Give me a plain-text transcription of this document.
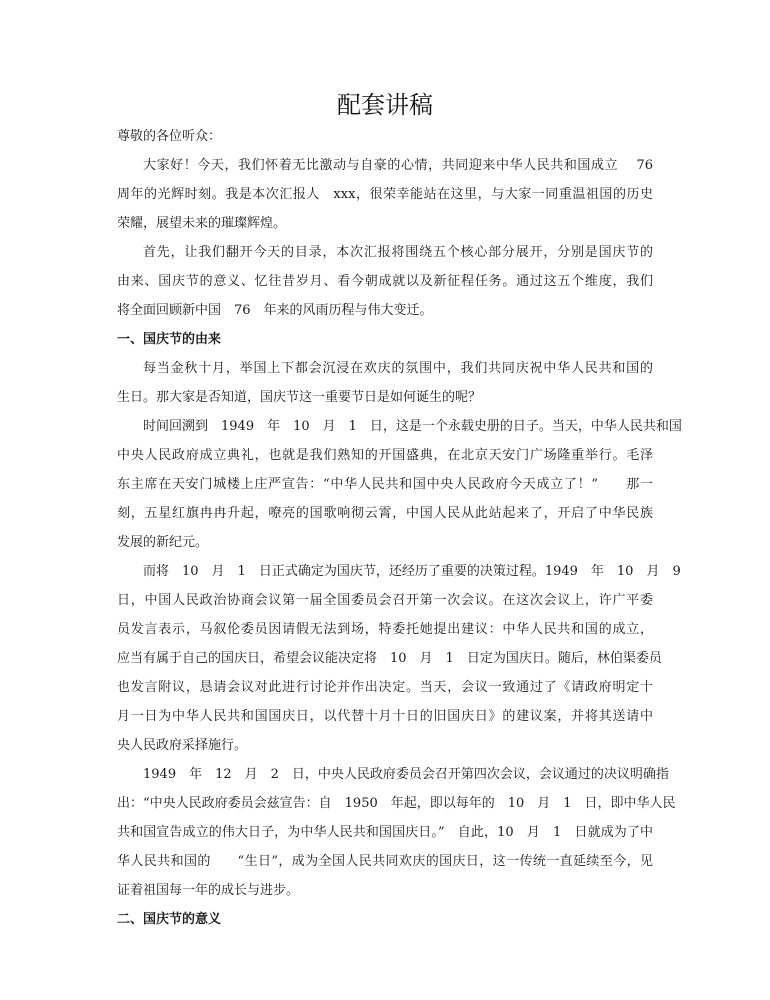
配套讲稿

尊敬的各位听众：

大家好！今天，我们怀着无比激动与自豪的心情，共同迎来中华人民共和国成立　 76
周年的光辉时刻。我是本次汇报人　xxx，很荣幸能站在这里，与大家一同重温祖国的历史
荣耀，展望未来的璀璨辉煌。

首先，让我们翻开今天的目录，本次汇报将围绕五个核心部分展开，分别是国庆节的
由来、国庆节的意义、忆往昔岁月、看今朝成就以及新征程任务。通过这五个维度，我们
将全面回顾新中国　76　年来的风雨历程与伟大变迁。

一、国庆节的由来

每当金秋十月，举国上下都会沉浸在欢庆的氛围中，我们共同庆祝中华人民共和国的
生日。那大家是否知道，国庆节这一重要节日是如何诞生的呢？

时间回溯到　1949　年　10　月　1　日，这是一个永载史册的日子。当天，中华人民共和国
中央人民政府成立典礼，也就是我们熟知的开国盛典，在北京天安门广场隆重举行。毛泽
东主席在天安门城楼上庄严宣告：“中华人民共和国中央人民政府今天成立了！”　　那一
刻，五星红旗冉冉升起，嘹亮的国歌响彻云霄，中国人民从此站起来了，开启了中华民族
发展的新纪元。

而将　10　月　1　日正式确定为国庆节，还经历了重要的决策过程。1949　年　10　月　9
日，中国人民政治协商会议第一届全国委员会召开第一次会议。在这次会议上，许广平委
员发言表示，马叙伦委员因请假无法到场，特委托她提出建议：中华人民共和国的成立，
应当有属于自己的国庆日，希望会议能决定将　10　月　1　日定为国庆日。随后，林伯渠委员
也发言附议，恳请会议对此进行讨论并作出决定。当天，会议一致通过了《请政府明定十
月一日为中华人民共和国国庆日，以代替十月十日的旧国庆日》的建议案，并将其送请中
央人民政府采择施行。

1949　年　12　月　2　日，中央人民政府委员会召开第四次会议，会议通过的决议明确指
出：“中央人民政府委员会兹宣告：自　1950　年起，即以每年的　10　月　1　日，即中华人民
共和国宣告成立的伟大日子，为中华人民共和国国庆日。”　自此，10　月　1　日就成为了中
华人民共和国的　　“生日”，成为全国人民共同欢庆的国庆日，这一传统一直延续至今，见
证着祖国每一年的成长与进步。

二、国庆节的意义
